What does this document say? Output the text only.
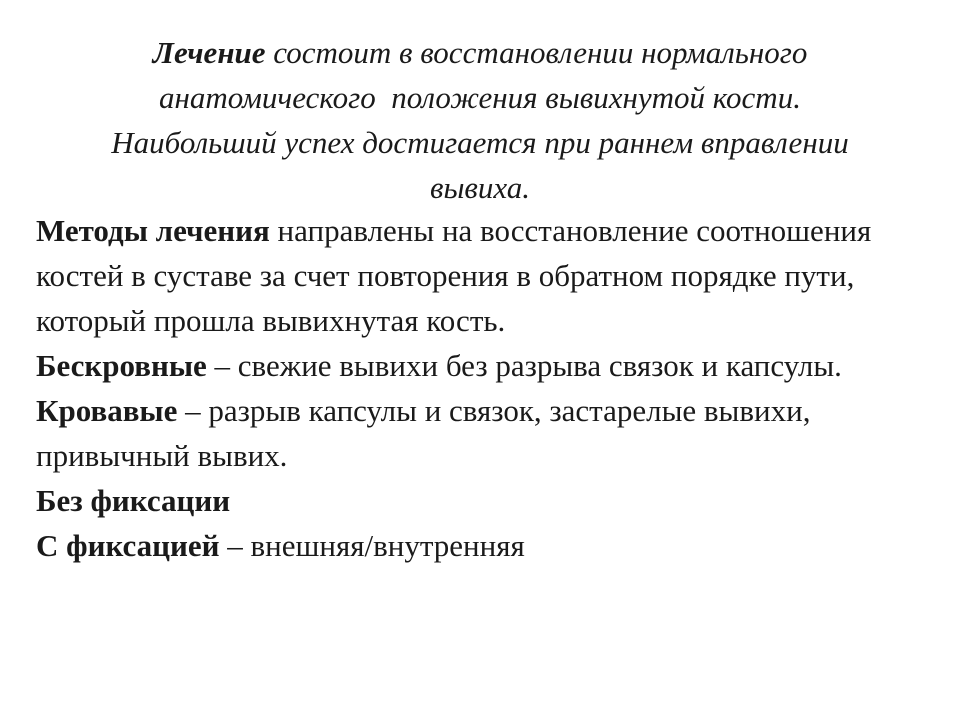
Лечение состоит в восстановлении нормального
анатомического  положения вывихнутой кости.
Наибольший успех достигается при раннем вправлении
вывиха.

Методы лечения направлены на восстановление соотношения костей в суставе за счет повторения в обратном порядке пути, который прошла вывихнутая кость.

Бескровные – свежие вывихи без разрыва связок и капсулы.

Кровавые – разрыв капсулы и связок, застарелые вывихи, привычный вывих.

Без фиксации

С фиксацией – внешняя/внутренняя
